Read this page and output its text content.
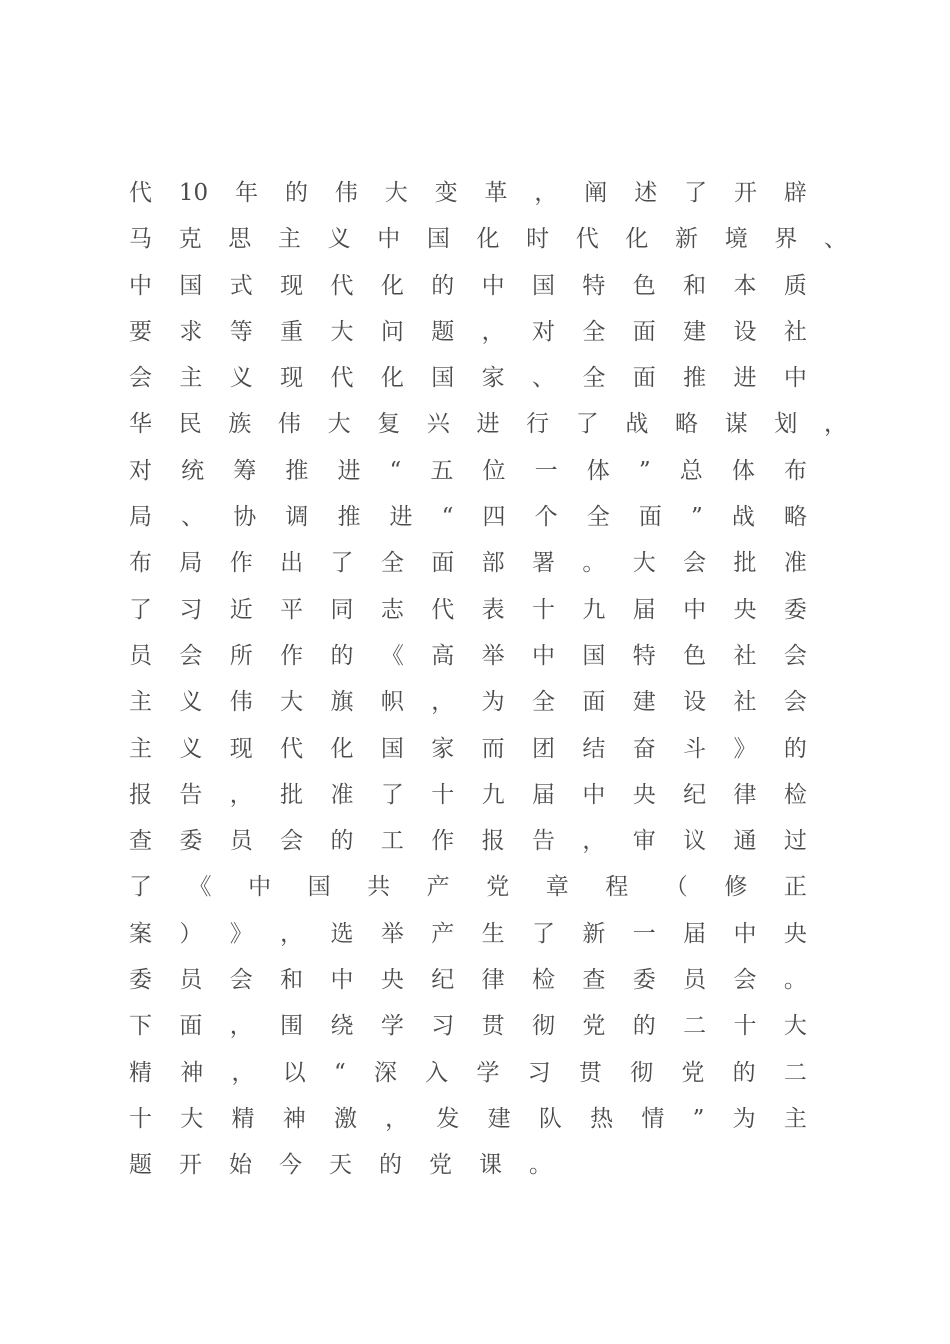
代 10 年 的 伟 大 变 革 ， 阐 述 了 开 辟
马 克 思 主 义 中 国 化 时 代 化 新 境 界 、
中 国 式 现 代 化 的 中 国 特 色 和 本 质
要 求 等 重 大 问 题 ， 对 全 面 建 设 社
会 主 义 现 代 化 国 家 、 全 面 推 进 中
华 民 族 伟 大 复 兴 进 行 了 战 略 谋 划 ，
对 统 筹 推 进 “ 五 位 一 体 ” 总 体 布
局 、 协 调 推 进 “ 四 个 全 面 ” 战 略
布 局 作 出 了 全 面 部 署 。 大 会 批 准
了 习 近 平 同 志 代 表 十 九 届 中 央 委
员 会 所 作 的 《 高 举 中 国 特 色 社 会
主 义 伟 大 旗 帜 ， 为 全 面 建 设 社 会
主 义 现 代 化 国 家 而 团 结 奋 斗 》 的
报 告 ， 批 准 了 十 九 届 中 央 纪 律 检
查 委 员 会 的 工 作 报 告 ， 审 议 通 过
了 《 中 国 共 产 党 章 程 （ 修 正
案 ） 》 ， 选 举 产 生 了 新 一 届 中 央
委 员 会 和 中 央 纪 律 检 查 委 员 会 。
下 面 ， 围 绕 学 习 贯 彻 党 的 二 十 大
精 神 ， 以 “ 深 入 学 习 贯 彻 党 的 二
十 大 精 神 激 ， 发 建 队 热 情 ” 为 主
题 开 始 今 天 的 党 课 。
